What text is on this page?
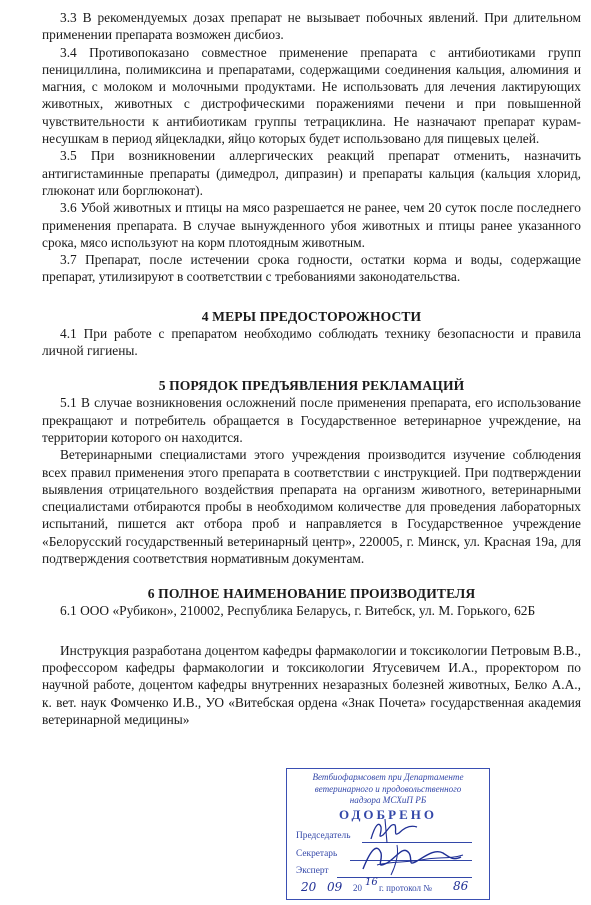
3.3 В рекомендуемых дозах препарат не вызывает побочных явлений. При длительном применении препарата возможен дисбиоз.

3.4 Противопоказано совместное применение препарата с антибиотиками групп пенициллина, полимиксина и препаратами, содержащими соединения кальция, алюминия и магния, с молоком и молочными продуктами. Не использовать для лечения лактирующих животных, животных с дистрофическими поражениями печени и при повышенной чувствительности к антибиотикам группы тетрациклина. Не назначают препарат курам-несушкам в период яйцекладки, яйцо которых будет использовано для пищевых целей.

3.5 При возникновении аллергических реакций препарат отменить, назначить антигистаминные препараты (димедрол, дипразин) и препараты кальция (кальция хлорид, глюконат или борглюконат).

3.6 Убой животных и птицы на мясо разрешается не ранее, чем 20 суток после последнего применения препарата. В случае вынужденного убоя животных и птицы ранее указанного срока, мясо используют на корм плотоядным животным.

3.7 Препарат, после истечении срока годности, остатки корма и воды, содержащие препарат, утилизируют в соответствии с требованиями законодательства.

4 МЕРЫ ПРЕДОСТОРОЖНОСТИ

4.1 При работе с препаратом необходимо соблюдать технику безопасности и правила личной гигиены.

5 ПОРЯДОК ПРЕДЪЯВЛЕНИЯ РЕКЛАМАЦИЙ

5.1 В случае возникновения осложнений после применения препарата, его использование прекращают и потребитель обращается в Государственное ветеринарное учреждение, на территории которого он находится.

Ветеринарными специалистами этого учреждения производится изучение соблюдения всех правил применения этого препарата в соответствии с инструкцией. При подтверждении выявления отрицательного воздействия препарата на организм животного, ветеринарными специалистами отбираются пробы в необходимом количестве для проведения лабораторных испытаний, пишется акт отбора проб и направляется в Государственное учреждение «Белорусский государственный ветеринарный центр», 220005, г. Минск, ул. Красная 19а, для подтверждения соответствия нормативным документам.

6 ПОЛНОЕ НАИМЕНОВАНИЕ ПРОИЗВОДИТЕЛЯ

6.1 ООО «Рубикон», 210002, Республика Беларусь, г. Витебск, ул. М. Горького, 62Б

Инструкция разработана доцентом кафедры фармакологии и токсикологии Петровым В.В., профессором кафедры фармакологии и токсикологии Ятусевичем И.А., проректором по научной работе, доцентом кафедры внутренних незаразных болезней животных, Белко А.А., к. вет. наук Фомченко И.В., УО «Витебская ордена «Знак Почета» государственная академия ветеринарной медицины»

Ветбиофармсовет при Департаменте
ветеринарного и продовольственного
надзора МСХиП РБ
ОДОБРЕНО
Председатель
Секретарь
Эксперт
20 09 20 16 г. протокол № 86
